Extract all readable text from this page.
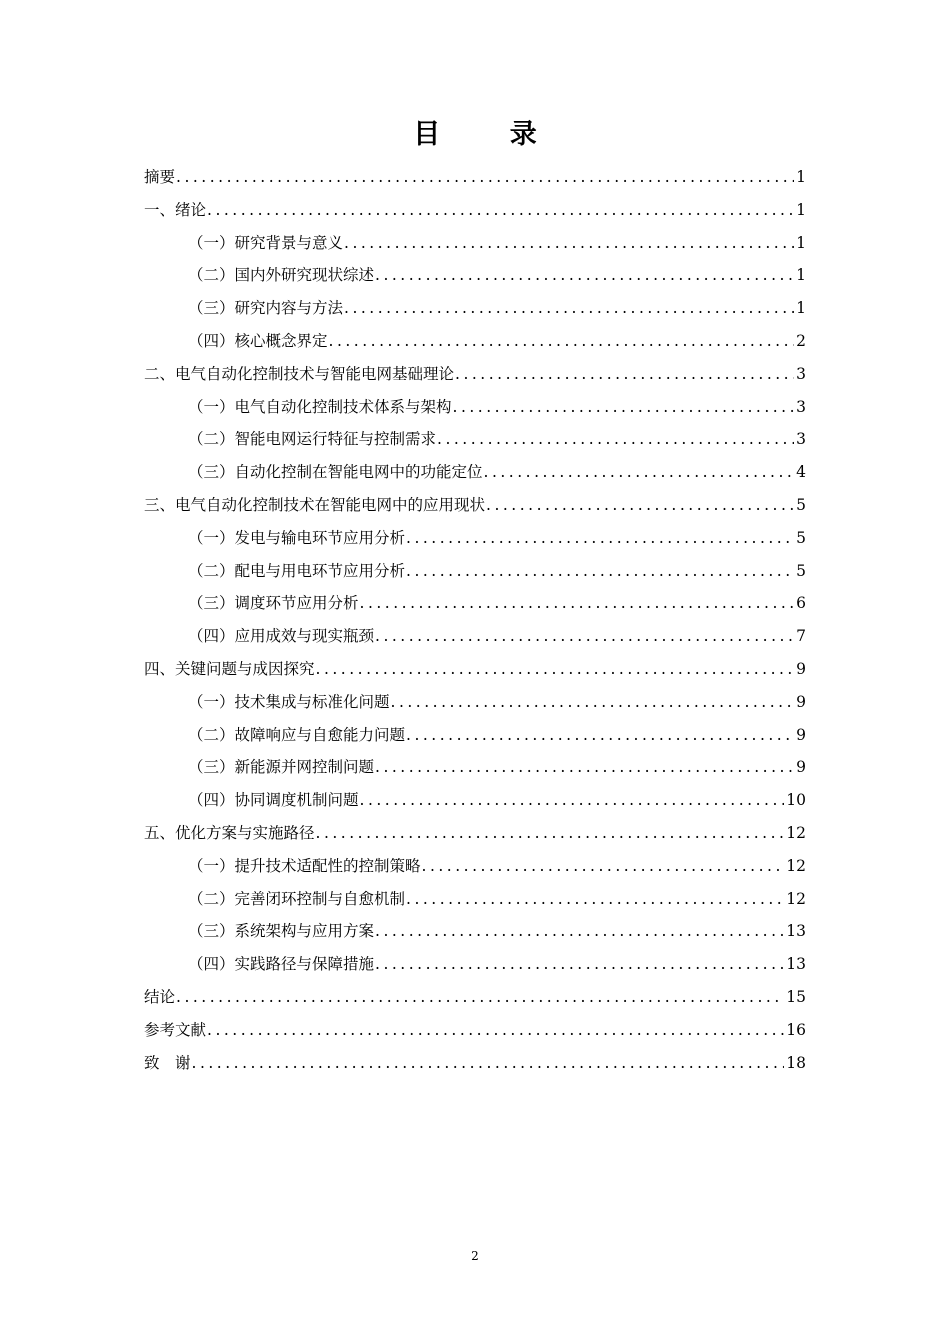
目 录
摘要 .....	1
一、绪论 .....	1
（一）研究背景与意义 .....	1
（二）国内外研究现状综述 .....	1
（三）研究内容与方法 .....	1
（四）核心概念界定 .....	2
二、电气自动化控制技术与智能电网基础理论 .....	3
（一）电气自动化控制技术体系与架构 .....	3
（二）智能电网运行特征与控制需求 .....	3
（三）自动化控制在智能电网中的功能定位 .....	4
三、电气自动化控制技术在智能电网中的应用现状 .....	5
（一）发电与输电环节应用分析 .....	5
（二）配电与用电环节应用分析 .....	5
（三）调度环节应用分析 .....	6
（四）应用成效与现实瓶颈 .....	7
四、关键问题与成因探究 .....	9
（一）技术集成与标准化问题 .....	9
（二）故障响应与自愈能力问题 .....	9
（三）新能源并网控制问题 .....	9
（四）协同调度机制问题 .....	10
五、优化方案与实施路径 .....	12
（一）提升技术适配性的控制策略 .....	12
（二）完善闭环控制与自愈机制 .....	12
（三）系统架构与应用方案 .....	13
（四）实践路径与保障措施 .....	13
结论 .....	15
参考文献 .....	16
致　谢 .....	18
2
